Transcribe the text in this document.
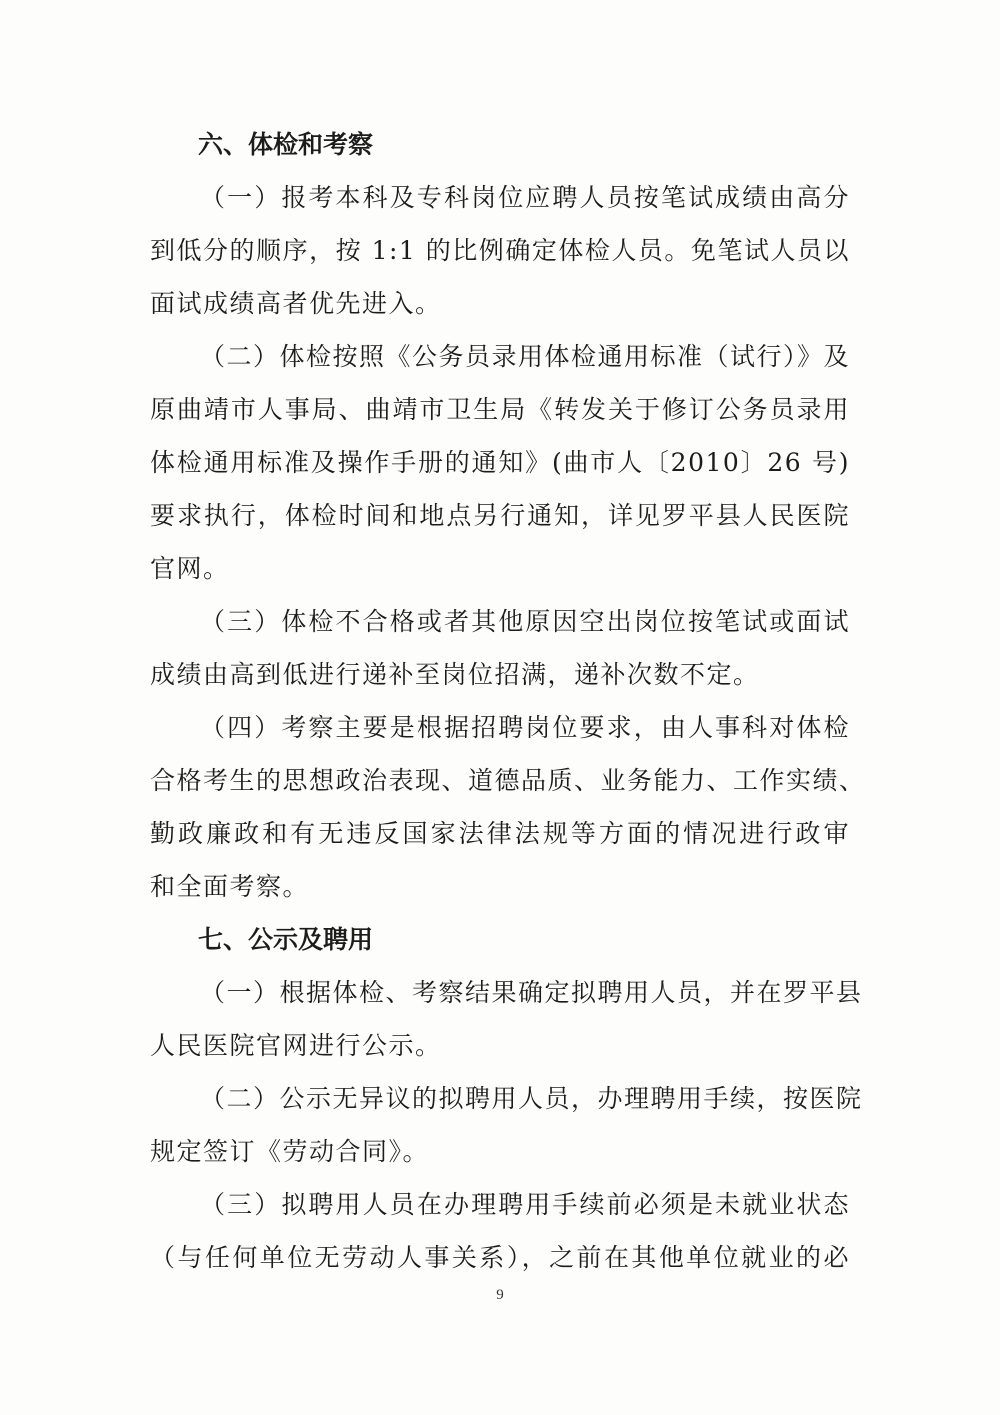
六、体检和考察

（一）报考本科及专科岗位应聘人员按笔试成绩由高分
到低分的顺序，按 1:1 的比例确定体检人员。免笔试人员以
面试成绩高者优先进入。

（二）体检按照《公务员录用体检通用标准（试行）》及
原曲靖市人事局、曲靖市卫生局《转发关于修订公务员录用
体检通用标准及操作手册的通知》(曲市人〔2010〕26 号)
要求执行，体检时间和地点另行通知，详见罗平县人民医院
官网。

（三）体检不合格或者其他原因空出岗位按笔试或面试
成绩由高到低进行递补至岗位招满，递补次数不定。

（四）考察主要是根据招聘岗位要求，由人事科对体检
合格考生的思想政治表现、道德品质、业务能力、工作实绩、
勤政廉政和有无违反国家法律法规等方面的情况进行政审
和全面考察。

七、公示及聘用

（一）根据体检、考察结果确定拟聘用人员，并在罗平县
人民医院官网进行公示。

（二）公示无异议的拟聘用人员，办理聘用手续，按医院
规定签订《劳动合同》。

（三）拟聘用人员在办理聘用手续前必须是未就业状态
（与任何单位无劳动人事关系），之前在其他单位就业的必

9
